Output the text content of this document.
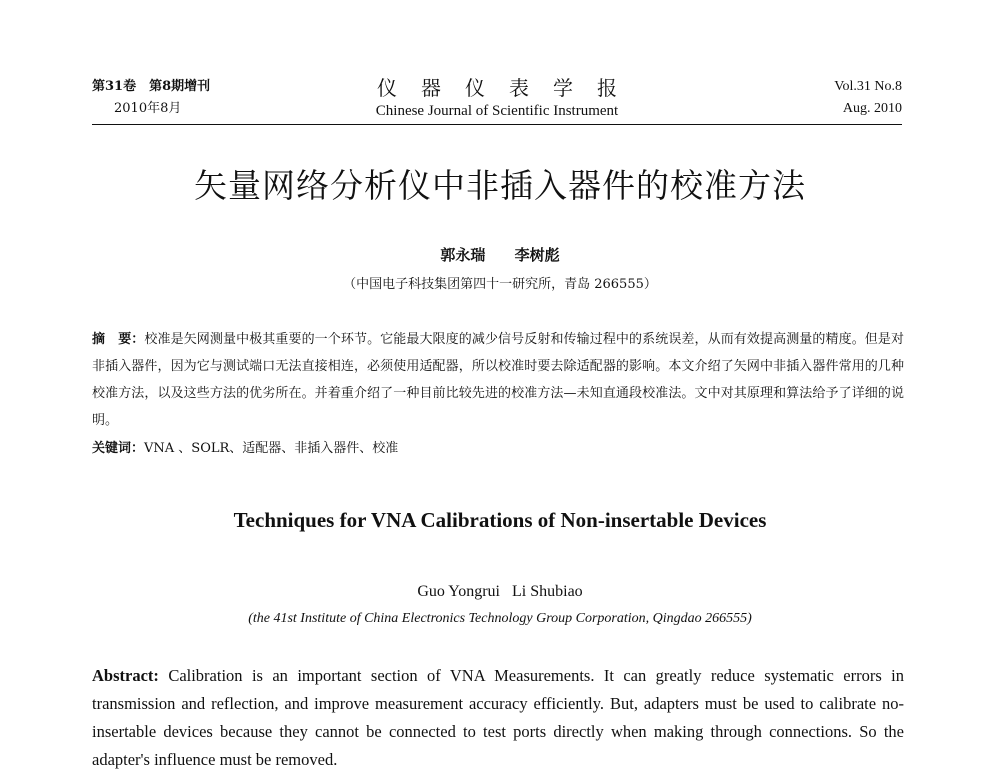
第31卷　第8期增刊
2010年8月
仪器仪表学报
Chinese Journal of Scientific Instrument
Vol.31 No.8
Aug. 2010
矢量网络分析仪中非插入器件的校准方法
郭永瑞 李树彪
（中国电子科技集团第四十一研究所，青岛 266555）
摘　要：校准是矢网测量中极其重要的一个环节。它能最大限度的减少信号反射和传输过程中的系统误差，从而有效提高测量的精度。但是对非插入器件，因为它与测试端口无法直接相连，必须使用适配器，所以校准时要去除适配器的影响。本文介绍了矢网中非插入器件常用的几种校准方法，以及这些方法的优劣所在。并着重介绍了一种目前比较先进的校准方法—未知直通段校准法。文中对其原理和算法给予了详细的说明。
关键词：VNA 、SOLR、适配器、非插入器件、校准
Techniques for VNA Calibrations of Non-insertable Devices
Guo Yongrui Li Shubiao
(the 41st Institute of China Electronics Technology Group Corporation, Qingdao 266555)
Abstract: Calibration is an important section of VNA Measurements. It can greatly reduce systematic errors in transmission and reflection, and improve measurement accuracy efficiently. But, adapters must be used to calibrate no-insertable devices because they cannot be connected to test ports directly when making through connections. So the adapter's influence must be removed.
